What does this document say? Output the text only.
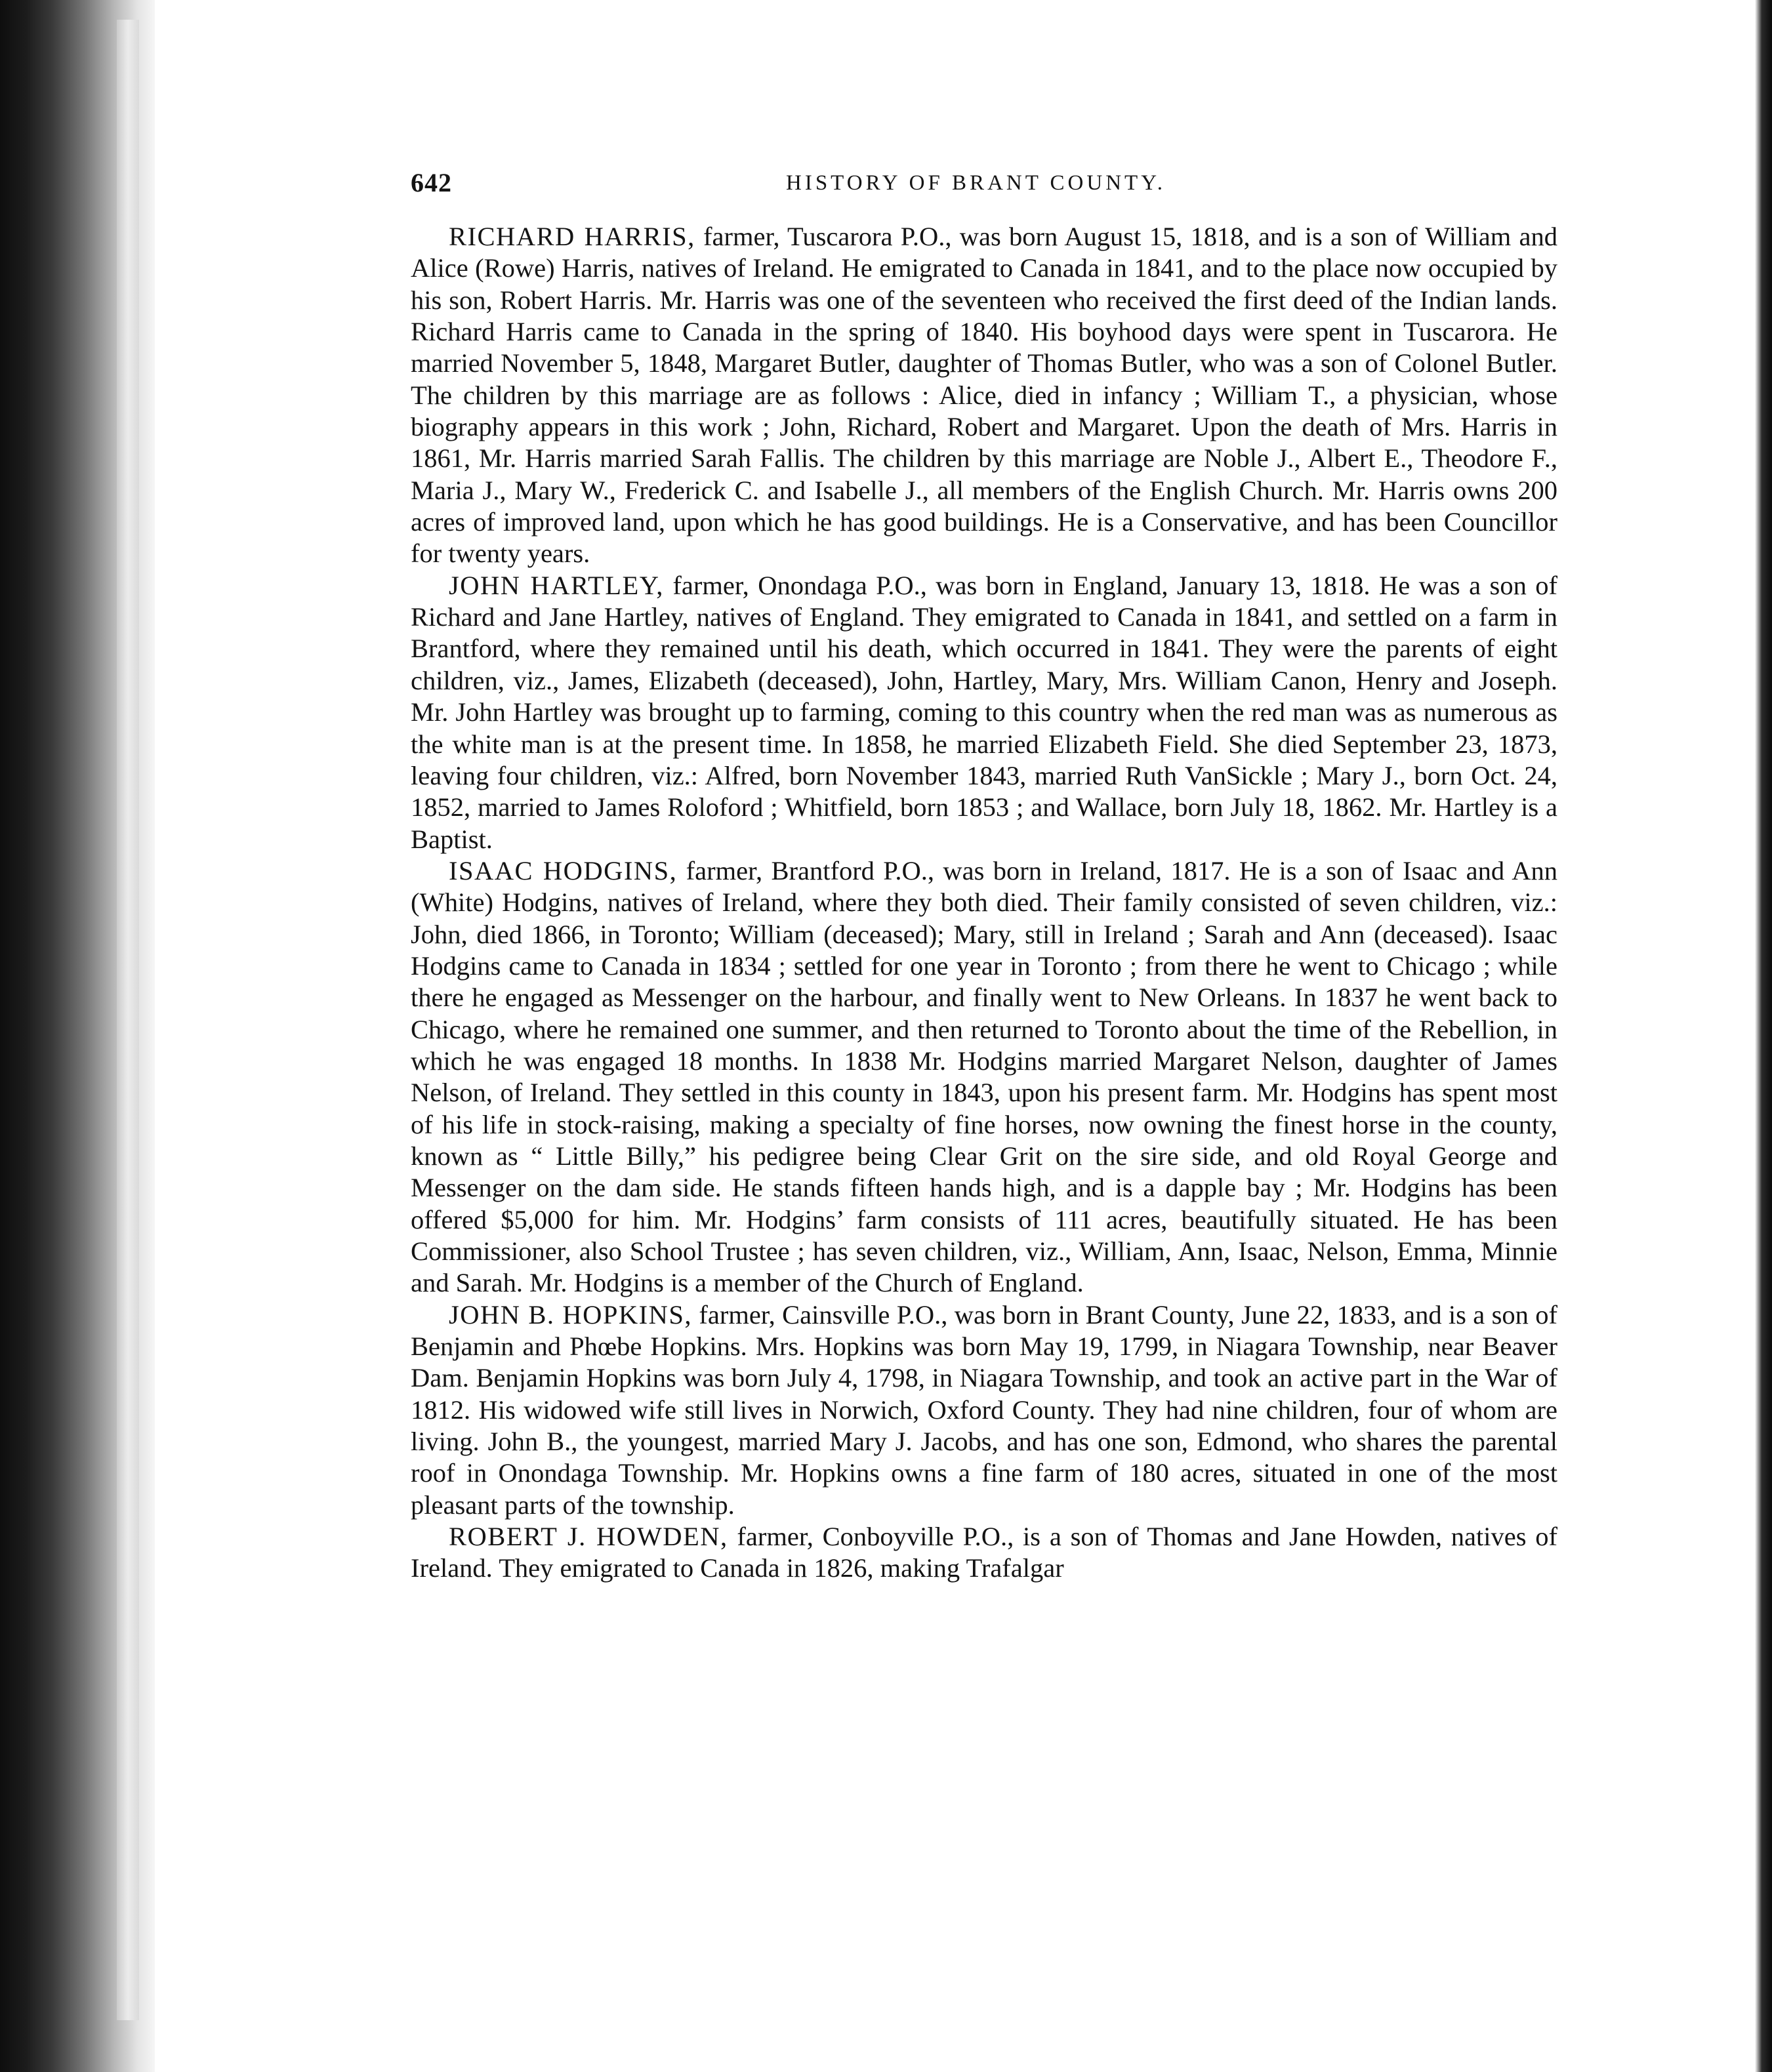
642	HISTORY OF BRANT COUNTY.

RICHARD HARRIS, farmer, Tuscarora P.O., was born August 15, 1818, and is a son of William and Alice (Rowe) Harris, natives of Ireland. He emigrated to Canada in 1841, and to the place now occupied by his son, Robert Harris. Mr. Harris was one of the seventeen who received the first deed of the Indian lands. Richard Harris came to Canada in the spring of 1840. His boyhood days were spent in Tuscarora. He married November 5, 1848, Margaret Butler, daughter of Thomas Butler, who was a son of Colonel Butler. The children by this marriage are as follows : Alice, died in infancy ; William T., a physician, whose biography appears in this work ; John, Richard, Robert and Margaret. Upon the death of Mrs. Harris in 1861, Mr. Harris married Sarah Fallis. The children by this marriage are Noble J., Albert E., Theodore F., Maria J., Mary W., Frederick C. and Isabelle J., all members of the English Church. Mr. Harris owns 200 acres of improved land, upon which he has good buildings. He is a Conservative, and has been Councillor for twenty years.

JOHN HARTLEY, farmer, Onondaga P.O., was born in England, January 13, 1818. He was a son of Richard and Jane Hartley, natives of England. They emigrated to Canada in 1841, and settled on a farm in Brantford, where they remained until his death, which occurred in 1841. They were the parents of eight children, viz., James, Elizabeth (deceased), John, Hartley, Mary, Mrs. William Canon, Henry and Joseph. Mr. John Hartley was brought up to farming, coming to this country when the red man was as numerous as the white man is at the present time. In 1858, he married Elizabeth Field. She died September 23, 1873, leaving four children, viz.: Alfred, born November 1843, married Ruth VanSickle ; Mary J., born Oct. 24, 1852, married to James Roloford ; Whitfield, born 1853 ; and Wallace, born July 18, 1862. Mr. Hartley is a Baptist.

ISAAC HODGINS, farmer, Brantford P.O., was born in Ireland, 1817. He is a son of Isaac and Ann (White) Hodgins, natives of Ireland, where they both died. Their family consisted of seven children, viz.: John, died 1866, in Toronto; William (deceased); Mary, still in Ireland ; Sarah and Ann (deceased). Isaac Hodgins came to Canada in 1834 ; settled for one year in Toronto ; from there he went to Chicago ; while there he engaged as Messenger on the harbour, and finally went to New Orleans. In 1837 he went back to Chicago, where he remained one summer, and then returned to Toronto about the time of the Rebellion, in which he was engaged 18 months. In 1838 Mr. Hodgins married Margaret Nelson, daughter of James Nelson, of Ireland. They settled in this county in 1843, upon his present farm. Mr. Hodgins has spent most of his life in stock-raising, making a specialty of fine horses, now owning the finest horse in the county, known as “ Little Billy,” his pedigree being Clear Grit on the sire side, and old Royal George and Messenger on the dam side. He stands fifteen hands high, and is a dapple bay ; Mr. Hodgins has been offered $5,000 for him. Mr. Hodgins’ farm consists of 111 acres, beautifully situated. He has been Commissioner, also School Trustee ; has seven children, viz., William, Ann, Isaac, Nelson, Emma, Minnie and Sarah. Mr. Hodgins is a member of the Church of England.

JOHN B. HOPKINS, farmer, Cainsville P.O., was born in Brant County, June 22, 1833, and is a son of Benjamin and Phœbe Hopkins. Mrs. Hopkins was born May 19, 1799, in Niagara Township, near Beaver Dam. Benjamin Hopkins was born July 4, 1798, in Niagara Township, and took an active part in the War of 1812. His widowed wife still lives in Norwich, Oxford County. They had nine children, four of whom are living. John B., the youngest, married Mary J. Jacobs, and has one son, Edmond, who shares the parental roof in Onondaga Township. Mr. Hopkins owns a fine farm of 180 acres, situated in one of the most pleasant parts of the township.

ROBERT J. HOWDEN, farmer, Conboyville P.O., is a son of Thomas and Jane Howden, natives of Ireland. They emigrated to Canada in 1826, making Trafalgar
